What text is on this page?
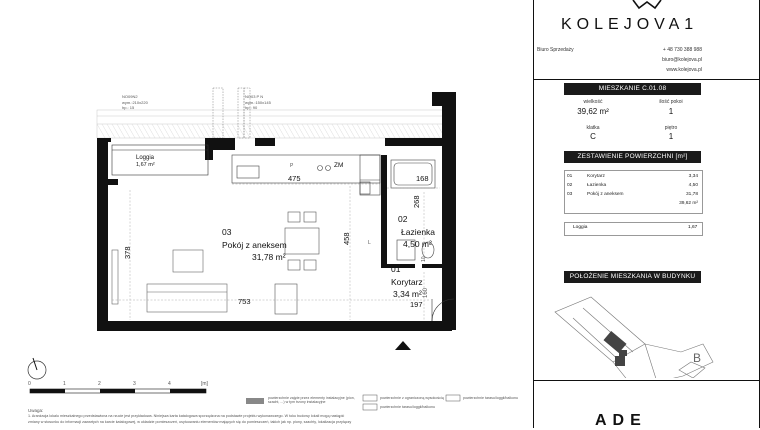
NO09N2
wym.:210x220
hp.: 15
NO03 P N
wym.:150x145
hp.: 90
Loggia
1,67 m²
475	168
268
458
378
753	197
160
10
ZM
P
L
03
Pokój z aneksem
31,78 m²
02
Łazienka
4,50 m²
01
Korytarz
3,34 m²
0	1	2	3	4	[m]
powierzchnie zajęte przez elementy instalacyjne (pion, szacht, ...) w tym trzony instalacyjne
powierzchnie z ograniczoną wysokością
powierzchnie tarasu/loggii/balkonu
powierzchnie tarasu/loggii/balkonu
Uwaga:
1. Aranżacja lokalu mieszkalnego przedstawiona na rzucie jest przykładowa. Niniejsza karta katalogowa sporządzona na podstawie projektu wykonawczego. W toku budowy lokali mogą nastąpić
zmiany w stosunku do informacji zawartych na karcie katalogowej, w układzie pomieszczeń, usytuowaniu elementów mających się do pomieszczeń, takich jak np. piony, szachty, lokalizacja przyłączy
KOLEJOVA1
Biuro Sprzedaży	+ 48 730 388 988
biuro@kolejova.pl
www.kolejova.pl
MIESZKANIE C.01.08
wielkość
39,62 m²
ilość pokoi
1
klatka
C
piętro
1
ZESTAWIENIE POWIERZCHNI [m²]
01	Korytarz	3,34
02	Łazienka	4,50
03	Pokój z aneksem	31,78
		39,62 m²
Loggia	1,67
POŁOŻENIE MIESZKANIA W BUDYNKU
B
ADE
